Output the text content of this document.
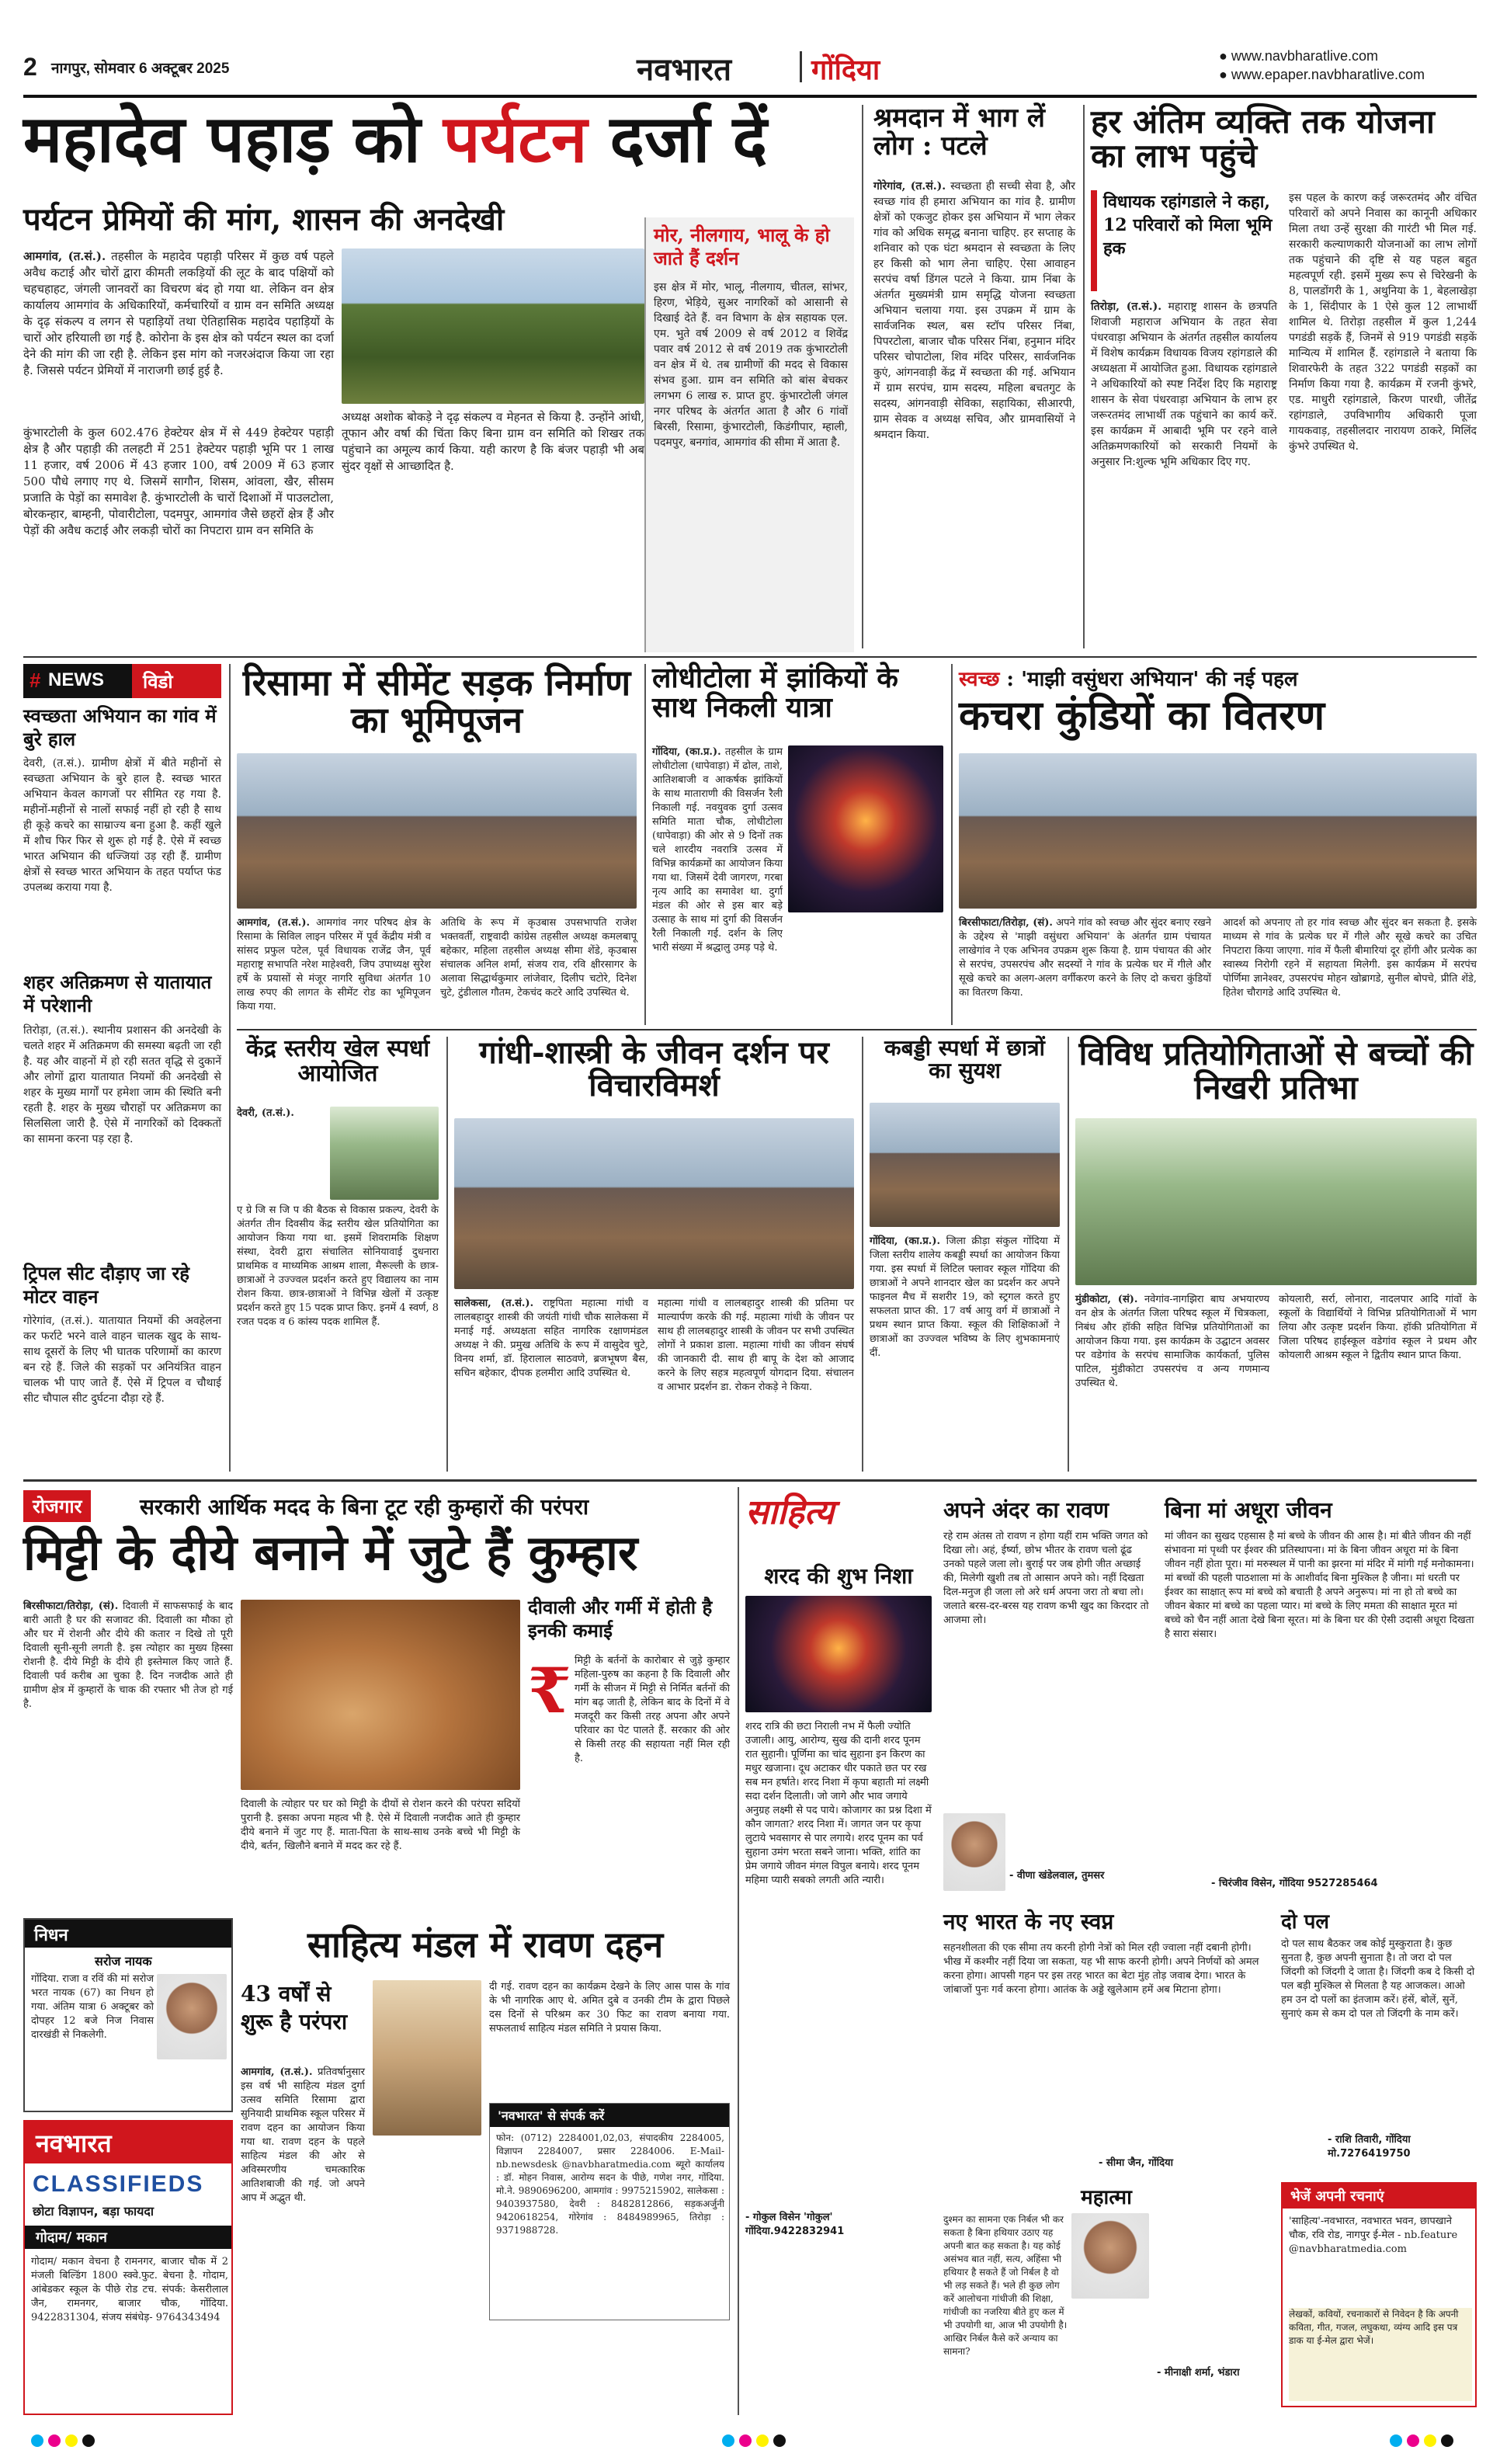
2 नागपुर, सोमवार 6 अक्टूबर 2025	नवभारत	गोंदिया	● www.navbharatlive.com
● www.epaper.navbharatlive.com
महादेव पहाड़ को पर्यटन दर्जा दें
पर्यटन प्रेमियों की मांग, शासन की अनदेखी
आमगांव, (त.सं.). तहसील के महादेव पहाड़ी परिसर में कुछ वर्ष पहले अवैध कटाई और चोरों द्वारा कीमती लकड़ियों की लूट के बाद पक्षियों को चहचहाहट, जंगली जानवरों का विचरण बंद हो गया था. लेकिन वन क्षेत्र कार्यालय आमगांव के अधिकारियों, कर्मचारियों व ग्राम वन समिति अध्यक्ष के दृढ़ संकल्प व लगन से पहाड़ियों तथा ऐतिहासिक महादेव पहाड़ियों के चारों ओर हरियाली छा गई है. कोरोना के इस क्षेत्र को पर्यटन स्थल का दर्जा देने की मांग की जा रही है. लेकिन इस मांग को नजरअंदाज किया जा रहा है. जिससे पर्यटन प्रेमियों में नाराजगी छाई हुई है.
कुंभारटोली के कुल 602.476 हेक्टेयर क्षेत्र में से 449 हेक्टेयर पहाड़ी क्षेत्र है और पहाड़ी की तलहटी में 251 हेक्टेयर पहाड़ी भूमि पर 1 लाख 11 हजार, वर्ष 2006 में 43 हजार 100, वर्ष 2009 में 63 हजार 500 पौधे लगाए गए थे. जिसमें सागौन, शिसम, आंवला, खैर, सीसम प्रजाति के पेड़ों का समावेश है. कुंभारटोली के चारों दिशाओं में पाउलटोला, बोरकन्हार, बाम्हनी, पोवारीटोला, पदमपुर, आमगांव जैसे छहरों क्षेत्र हैं और पेड़ों की अवैध कटाई और लकड़ी चोरों का निपटारा ग्राम वन समिति के
अध्यक्ष अशोक बोकड़े ने दृढ़ संकल्प व मेहनत से किया है. उन्होंने आंधी, तूफान और वर्षा की चिंता किए बिना ग्राम वन समिति को शिखर तक पहुंचाने का अमूल्य कार्य किया. यही कारण है कि बंजर पहाड़ी भी अब सुंदर वृक्षों से आच्छादित है.
मोर, नीलगाय, भालू के हो जाते हैं दर्शन
इस क्षेत्र में मोर, भालू, नीलगाय, चीतल, सांभर, हिरण, भेड़िये, सुअर नागरिकों को आसानी से दिखाई देते हैं. वन विभाग के क्षेत्र सहायक एल. एम. भुते वर्ष 2009 से वर्ष 2012 व शिवेंद्र पवार वर्ष 2012 से वर्ष 2019 तक कुंभारटोली वन क्षेत्र में थे. तब ग्रामीणों की मदद से विकास संभव हुआ. ग्राम वन समिति को बांस बेचकर लगभग 6 लाख रु. प्राप्त हुए. कुंभारटोली जंगल नगर परिषद के अंतर्गत आता है और 6 गांवों बिरसी, रिसामा, कुंभारटोली, किडंगीपार, म्हाली, पदमपुर, बनगांव, आमगांव की सीमा में आता है.
श्रमदान में भाग लें लोग : पटले
गोरेगांव, (त.सं.). स्वच्छता ही सच्ची सेवा है, और स्वच्छ गांव ही हमारा अभियान का गांव है. ग्रामीण क्षेत्रों को एकजुट होकर इस अभियान में भाग लेकर गांव को अधिक समृद्ध बनाना चाहिए. हर सप्ताह के शनिवार को एक घंटा श्रमदान से स्वच्छता के लिए हर किसी को भाग लेना चाहिए. ऐसा आवाहन सरपंच वर्षा डिंगल पटले ने किया. ग्राम निंबा के अंतर्गत मुख्यमंत्री ग्राम समृद्धि योजना स्वच्छता अभियान चलाया गया. इस उपक्रम में ग्राम के सार्वजनिक स्थल, बस स्टॉप परिसर निंबा, पिपरटोला, बाजार चौक परिसर निंबा, हनुमान मंदिर परिसर चोपाटोला, शिव मंदिर परिसर, सार्वजनिक कुएं, आंगनवाड़ी केंद्र में स्वच्छता की गई. अभियान में ग्राम सरपंच, ग्राम सदस्य, महिला बचतगुट के सदस्य, आंगनवाड़ी सेविका, सहायिका, सीआरपी, ग्राम सेवक व अध्यक्ष सचिव, और ग्रामवासियों ने श्रमदान किया.
हर अंतिम व्यक्ति तक योजना का लाभ पहुंचे
विधायक रहांगडाले ने कहा, 12 परिवारों को मिला भूमि हक
तिरोड़ा, (त.सं.). महाराष्ट्र शासन के छत्रपति शिवाजी महाराज अभियान के तहत सेवा पंधरवाड़ा अभियान के अंतर्गत तहसील कार्यालय में विशेष कार्यक्रम विधायक विजय रहांगडाले की अध्यक्षता में आयोजित हुआ. विधायक रहांगडाले ने अधिकारियों को स्पष्ट निर्देश दिए कि महाराष्ट्र शासन के सेवा पंधरवाड़ा अभियान के लाभ हर जरूरतमंद लाभार्थी तक पहुंचाने का कार्य करें. इस कार्यक्रम में आबादी भूमि पर रहने वाले अतिक्रमणकारियों को सरकारी नियमों के अनुसार नि:शुल्क भूमि अधिकार दिए गए.
इस पहल के कारण कई जरूरतमंद और वंचित परिवारों को अपने निवास का कानूनी अधिकार मिला तथा उन्हें सुरक्षा की गारंटी भी मिल गई. सरकारी कल्याणकारी योजनाओं का लाभ लोगों तक पहुंचाने की दृष्टि से यह पहल बहुत महत्वपूर्ण रही. इसमें मुख्य रूप से चिरेखनी के 8, पालडोंगरी के 1, अथुनिया के 1, बेहलाखेड़ा के 1, सिंदीपार के 1 ऐसे कुल 12 लाभार्थी शामिल थे. तिरोड़ा तहसील में कुल 1,244 पगडंडी सड़कें हैं, जिनमें से 919 पगडंडी सड़कें मान्यित्य में शामिल हैं. रहांगडाले ने बताया कि शिवारफेरी के तहत 322 पगडंडी सड़कों का निर्माण किया गया है. कार्यक्रम में रजनी कुंभरे, एड. माधुरी रहांगडाले, किरण पारधी, जीतेंद्र रहांगडाले, उपविभागीय अधिकारी पूजा गायकवाड़, तहसीलदार नारायण ठाकरे, मिलिंद कुंभरे उपस्थित थे.
# NEWS	विडो
स्वच्छता अभियान का गांव में बुरे हाल
देवरी, (त.सं.). ग्रामीण क्षेत्रों में बीते महीनों से स्वच्छता अभियान के बुरे हाल है. स्वच्छ भारत अभियान केवल कागजों पर सीमित रह गया है. महीनों-महीनों से नालों सफाई नहीं हो रही है साथ ही कूड़े कचरे का साम्राज्य बना हुआ है. कहीं खुले में शौच फिर फिर से शुरू हो गई है. ऐसे में स्वच्छ भारत अभियान की धज्जियां उड़ रही हैं. ग्रामीण क्षेत्रों से स्वच्छ भारत अभियान के तहत पर्याप्त फंड उपलब्ध कराया गया है.
शहर अतिक्रमण से यातायात में परेशानी
तिरोड़ा, (त.सं.). स्थानीय प्रशासन की अनदेखी के चलते शहर में अतिक्रमण की समस्या बढ़ती जा रही है. यह और वाहनों में हो रही सतत वृद्धि से दुकानें और लोगों द्वारा यातायात नियमों की अनदेखी से शहर के मुख्य मार्गों पर हमेशा जाम की स्थिति बनी रहती है. शहर के मुख्य चौराहों पर अतिक्रमण का सिलसिला जारी है. ऐसे में नागरिकों को दिक्कतों का सामना करना पड़ रहा है.
ट्रिपल सीट दौड़ाए जा रहे मोटर वाहन
गोरेगांव, (त.सं.). यातायात नियमों की अवहेलना कर फर्राटे भरने वाले वाहन चालक खुद के साथ-साथ दूसरों के लिए भी घातक परिणामों का कारण बन रहे हैं. जिले की सड़कों पर अनियंत्रित वाहन चालक भी पाए जाते हैं. ऐसे में ट्रिपल व चौथाई सीट चौपाल सीट दुर्घटना दौड़ा रहे हैं.
रिसामा में सीमेंट सड़क निर्माण का भूमिपूजन
आमगांव, (त.सं.). आमगांव नगर परिषद क्षेत्र के रिसामा के सिविल लाइन परिसर में पूर्व केंद्रीय मंत्री व सांसद प्रफुल पटेल, पूर्व विधायक राजेंद्र जैन, पूर्व महाराष्ट्र सभापति नरेश माहेश्वरी, जिप उपाध्यक्ष सुरेश हर्षे के प्रयासों से मंजूर नागरि सुविधा अंतर्गत 10 लाख रुपए की लागत के सीमेंट रोड का भूमिपूजन किया गया.
अतिथि के रूप में कृउबास उपसभापति राजेश भक्तवर्ती, राष्ट्रवादी कांग्रेस तहसील अध्यक्ष कमलबापू बहेकार, महिला तहसील अध्यक्ष सीमा शेंडे, कृउबास संचालक अनिल शर्मा, संजय राव, रवि क्षीरसागर के अलावा सिद्धार्थकुमार लांजेवार, दिलीप चटोरे, दिनेश चुटे, टुंडीलाल गौतम, टेकचंद कटरे आदि उपस्थित थे.
लोधीटोला में झांकियों के साथ निकली यात्रा
गोंदिया, (का.प्र.). तहसील के ग्राम लोधीटोला (धापेवाड़ा) में ढोल, ताशे, आतिशबाजी व आकर्षक झांकियों के साथ माताराणी की विसर्जन रैली निकाली गई. नवयुवक दुर्गा उत्सव समिति माता चौक, लोधीटोला (धापेवाड़ा) की ओर से 9 दिनों तक चले शारदीय नवरात्रि उत्सव में विभिन्न कार्यक्रमों का आयोजन किया गया था. जिसमें देवी जागरण, गरबा नृत्य आदि का समावेश था. दुर्गा मंडल की ओर से इस बार बड़े उत्साह के साथ मां दुर्गा की विसर्जन रैली निकाली गई. दर्शन के लिए भारी संख्या में श्रद्धालु उमड़ पड़े थे.
स्वच्छ : 'माझी वसुंधरा अभियान' की नई पहल
कचरा कुंडियों का वितरण
बिरसीफाटा/तिरोड़ा, (सं). अपने गांव को स्वच्छ और सुंदर बनाए रखने के उद्देश्य से 'माझी वसुंधरा अभियान' के अंतर्गत ग्राम पंचायत लाखेगांव ने एक अभिनव उपक्रम शुरू किया है. ग्राम पंचायत की ओर से सरपंच, उपसरपंच और सदस्यों ने गांव के प्रत्येक घर में गीले और सूखे कचरे का अलग-अलग वर्गीकरण करने के लिए दो कचरा कुंडियों का वितरण किया.
आदर्श को अपनाए तो हर गांव स्वच्छ और सुंदर बन सकता है. इसके माध्यम से गांव के प्रत्येक घर में गीले और सूखे कचरे का उचित निपटारा किया जाएगा. गांव में फैली बीमारियां दूर होंगी और प्रत्येक का स्वास्थ्य निरोगी रहने में सहायता मिलेगी. इस कार्यक्रम में सरपंच पोर्णिमा ज्ञानेश्वर, उपसरपंच मोहन खोब्रागडे, सुनील बोपचे, प्रीति शेंडे, हितेश चौरागडे आदि उपस्थित थे.
केंद्र स्तरीय खेल स्पर्धा आयोजित
देवरी, (त.सं.).
ए ग्रे जि स जि प की बैठक से विकास प्रकल्प, देवरी के अंतर्गत तीन दिवसीय केंद्र स्तरीय खेल प्रतियोगिता का आयोजन किया गया था. इसमें शिवरामकि शिक्षण संस्था, देवरी द्वारा संचालित सोनियावाई दुधनारा प्राथमिक व माध्यमिक आश्रम शाला, मैरूल्ली के छात्र-छात्राओं ने उज्ज्वल प्रदर्शन करते हुए विद्यालय का नाम रोशन किया. छात्र-छात्राओं ने विभिन्न खेलों में उत्कृष्ट प्रदर्शन करते हुए 15 पदक प्राप्त किए. इनमें 4 स्वर्ण, 8 रजत पदक व 6 कांस्य पदक शामिल हैं.
गांधी-शास्त्री के जीवन दर्शन पर विचारविमर्श
सालेकसा, (त.सं.). राष्ट्रपिता महात्मा गांधी व लालबहादुर शास्त्री की जयंती गांधी चौक सालेकसा में मनाई गई. अध्यक्षता सहित नागरिक रक्षाणमंडल अध्यक्ष ने की. प्रमुख अतिथि के रूप में वासुदेव चुटे, विनय शर्मा, डॉ. हिरालाल साठवणे, ब्रजभूषण बैस, सचिन बहेकार, दीपक हलमीरा आदि उपस्थित थे.
महात्मा गांधी व लालबहादुर शास्त्री की प्रतिमा पर माल्यार्पण करके की गई. महात्मा गांधी के जीवन पर साथ ही लालबहादुर शास्त्री के जीवन पर सभी उपस्थित लोगों ने प्रकाश डाला. महात्मा गांधी का जीवन संघर्ष की जानकारी दी. साथ ही बापू के देश को आजाद करने के लिए सहत्र महत्वपूर्ण योगदान दिया. संचालन व आभार प्रदर्शन डा. रोकन रोकड़े ने किया.
कबड्डी स्पर्धा में छात्रों का सुयश
गोंदिया, (का.प्र.). जिला क्रीड़ा संकुल गोंदिया में जिला स्तरीय शालेय कबड्डी स्पर्धा का आयोजन किया गया. इस स्पर्धा में लिटिल फ्लावर स्कूल गोंदिया की छात्राओं ने अपने शानदार खेल का प्रदर्शन कर अपने फाइनल मैच में सशरीर 19, को स्ट्रगल करते हुए सफलता प्राप्त की. 17 वर्ष आयु वर्ग में छात्राओं ने प्रथम स्थान प्राप्त किया. स्कूल की शिक्षिकाओं ने छात्राओं का उज्ज्वल भविष्य के लिए शुभकामनाएं दीं.
विविध प्रतियोगिताओं से बच्चों की निखरी प्रतिभा
मुंडीकोटा, (सं). नवेगांव-नागझिरा बाघ अभयारण्य वन क्षेत्र के अंतर्गत जिला परिषद स्कूल में चित्रकला, निबंध और हॉकी सहित विभिन्न प्रतियोगिताओं का आयोजन किया गया. इस कार्यक्रम के उद्घाटन अवसर पर वडेगांव के सरपंच सामाजिक कार्यकर्ता, पुलिस पाटिल, मुंडीकोटा उपसरपंच व अन्य गणमान्य उपस्थित थे.
कोयलारी, सर्रा, लोनारा, नादलपार आदि गांवों के स्कूलों के विद्यार्थियों ने विभिन्न प्रतियोगिताओं में भाग लिया और उत्कृष्ट प्रदर्शन किया. हॉकी प्रतियोगिता में जिला परिषद हाईस्कूल वडेगांव स्कूल ने प्रथम और कोयलारी आश्रम स्कूल ने द्वितीय स्थान प्राप्त किया.
रोजगार	सरकारी आर्थिक मदद के बिना टूट रही कुम्हारों की परंपरा
मिट्टी के दीये बनाने में जुटे हैं कुम्हार
बिरसीफाटा/तिरोड़ा, (सं). दिवाली में साफसफाई के बाद बारी आती है घर की सजावट की. दिवाली का मौका हो और घर में रोशनी और दीये की कतार न दिखे तो पूरी दिवाली सूनी-सूनी लगती है. इस त्योहार का मुख्य हिस्सा रोशनी है. दीये मिट्टी के दीये ही इस्तेमाल किए जाते हैं. दिवाली पर्व करीब आ चुका है. दिन नजदीक आते ही ग्रामीण क्षेत्र में कुम्हारों के चाक की रफ्तार भी तेज हो गई है.
दीवाली और गर्मी में होती है इनकी कमाई
₹ मिट्टी के बर्तनों के कारोबार से जुड़े कुम्हार महिला-पुरुष का कहना है कि दिवाली और गर्मी के सीजन में मिट्टी से निर्मित बर्तनों की मांग बढ़ जाती है, लेकिन बाद के दिनों में वे मजदूरी कर किसी तरह अपना और अपने परिवार का पेट पालते हैं. सरकार की ओर से किसी तरह की सहायता नहीं मिल रही है.
दिवाली के त्योहार पर घर को मिट्टी के दीयों से रोशन करने की परंपरा सदियों पुरानी है. इसका अपना महत्व भी है. ऐसे में दिवाली नजदीक आते ही कुम्हार दीये बनाने में जुट गए हैं. माता-पिता के साथ-साथ उनके बच्चे भी मिट्टी के दीये, बर्तन, खिलौने बनाने में मदद कर रहे हैं.
निधन
सरोज नायक
गोंदिया. राजा व रविं की मां सरोज भरत नायक (67) का निधन हो गया. अंतिम यात्रा 6 अक्टूबर को दोपहर 12 बजे निज निवास दारखंडी से निकलेगी.
नवभारत
CLASSIFIEDS
छोटा विज्ञापन, बड़ा फायदा
गोदाम/ मकान
गोदाम/ मकान वेचना है रामनगर, बाजार चौक में 2 मंजली बिल्डिंग 1800 स्क्वे.फुट. बेचना है. गोदाम, आंबेडकर स्कूल के पीछे रोड टच. संपर्क: केसरीलाल जैन, रामनगर, बाजार चौक, गोंदिया. 9422831304, संजय संबंधेड़- 9764343494
साहित्य मंडल में रावण दहन
43 वर्षों से शुरू है परंपरा
आमगांव, (त.सं.). प्रतिवर्षानुसार इस वर्ष भी साहित्य मंडल दुर्गा उत्सव समिति रिसामा द्वारा सुनियादी प्राथमिक स्कूल परिसर में रावण दहन का आयोजन किया गया था. रावण दहन के पहले साहित्य मंडल की ओर से अविस्मरणीय चमत्कारिक आतिशबाजी की गई. जो अपने आप में अद्भुत थी.
दी गई. रावण दहन का कार्यक्रम देखने के लिए आस पास के गांव के भी नागरिक आए थे. अमित दुबे व उनकी टीम के द्वारा पिछले दस दिनों से परिश्रम कर 30 फिट का रावण बनाया गया. सफलतार्थ साहित्य मंडल समिति ने प्रयास किया.
'नवभारत' से संपर्क करें
फोन: (0712) 2284001,02,03, संपादकीय 2284005, विज्ञापन 2284007, प्रसार 2284006. E-Mail-nb.newsdesk @navbharatmedia.com ब्यूरो कार्यालय : डॉ. मोहन निवास, आरोग्य सदन के पीछे, गणेश नगर, गोंदिया. मो.ने. 9890696200, आमगांव : 9975215902, सालेकसा : 9403937580, देवरी : 8482812866, सड़कअर्जुनी 9420618254, गोरेगांव : 8484989965, तिरोड़ा : 9371988728.
साहित्य
शरद की शुभ निशा
शरद रात्रि की छटा निराली नभ में फैली ज्योति उजाली। आयु, आरोग्य, सुख की दानी शरद पूनम रात सुहानी। पूर्णिमा का चांद सुहाना इन किरण का मधुर खजाना। दूध अटाकर धीर पकाते छत पर रख सब मन हर्षाते। शरद निशा में कृपा बहाती मां लक्ष्मी सदा दर्शन दिलाती। जो जागे और भाव जगाये अनुग्रह लक्ष्मी से पद पाये। कोजागर का प्रश्न दिशा में कौन जागता? शरद निशा में। जागत जन पर कृपा लुटाये भवसागर से पार लगाये। शरद पूनम का पर्व सुहाना उमंग भरता सबने जाना। भक्ति, शांति का प्रेम जगाये जीवन मंगल विपुल बनाये। शरद पूनम महिमा प्यारी सबको लगती अति न्यारी।
- गोकुल विसेन 'गोकुल' गोंदिया.9422832941
अपने अंदर का रावण
रहे राम अंतस तो रावण न होगा यहीं राम भक्ति जगत को दिखा लो। अहं, ईर्ष्या, छोभ भीतर के रावण चलो ढूंढ उनको पहले जला लो। बुराई पर जब होगी जीत अच्छाई की, मिलेगी खुशी तब तो आसान अपने को। नहीं दिखता दिल-मनुज ही जला लो अरे धर्म अपना जरा तो बचा लो। जलाते बरस-दर-बरस यह रावण कभी खुद का किरदार तो आजमा लो।
- वीणा खंडेलवाल, तुमसर
बिना मां अधूरा जीवन
मां जीवन का सुखद एहसास है मां बच्चे के जीवन की आस है। मां बीते जीवन की नहीं संभावना मां पृथ्वी पर ईश्वर की प्रतिस्थापना। मां के बिना जीवन अधूरा मां के बिना जीवन नहीं होता पूरा। मां मरुस्थल में पानी का झरना मां मंदिर में मांगी गई मनोकामना। मां बच्चों की पहली पाठशाला मां के आशीर्वाद बिना मुश्किल है जीना। मां धरती पर ईश्वर का साक्षात् रूप मां बच्चे को बचाती है अपने अनुरूप। मां ना हो तो बच्चे का जीवन बेकार मां बच्चे का पहला प्यार। मां बच्चे के लिए ममता की साक्षात मूरत मां बच्चे को चैन नहीं आता देखे बिना सूरत। मां के बिना घर की ऐसी उदासी अधूरा दिखता है सारा संसार।
- चिरंजीव विसेन, गोंदिया 9527285464
नए भारत के नए स्वप्न
सहनशीलता की एक सीमा तय करनी होगी नेत्रों को मिल रही ज्वाला नहीं दबानी होगी। भीख में कश्मीर नहीं दिया जा सकता, यह भी साफ करनी होगी। अपने निर्णयों को अमल करना होगा। आपसी गहन पर इस तरह भारत का बेटा मुंह तोड़ जवाब देगा। भारत के जांबाजों पुनः गर्व करना होगा। आतंक के अड्डे खुलेआम हमें अब मिटाना होगा।
- सीमा जैन, गोंदिया
दो पल
दो पल साथ बैठकर जब कोई मुस्कुराता है। कुछ सुनता है, कुछ अपनी सुनाता है। तो जरा दो पल जिंदगी को जिंदगी दे जाता है। जिंदगी कब दे किसी दो पल बड़ी मुश्किल से मिलता है यह आजकल। आओ हम उन दो पलों का इंतजाम करें। हंसें, बोलें, सुनें, सुनाएं कम से कम दो पल तो जिंदगी के नाम करें।
- राशि तिवारी, गोंदिया मो.7276419750
महात्मा
दुश्मन का सामना एक निर्बल भी कर सकता है बिना हथियार उठाए यह अपनी बात कह सकता है। यह कोई असंभव बात नहीं, सत्य, अहिंसा भी हथियार है सकते हैं जो निर्बल है वो भी लड़ सकते हैं। भले ही कुछ लोग करें आलोचना गांधीजी की शिक्षा, गांधीजी का नजरिया बीते हुए कल में भी उपयोगी था, आज भी उपयोगी है। आखिर निर्बल कैसे करें अन्याय का सामना?
- मीनाक्षी शर्मा, भंडारा
भेजें अपनी रचनाएं
'साहित्य'-नवभारत, नवभारत भवन, छापखाने चौक, रवि रोड, नागपुर ई-मेल - nb.feature @navbharatmedia.com
लेखकों, कवियों, रचनाकारों से निवेदन है कि अपनी कविता, गीत, गजल, लघुकथा, व्यंग्य आदि इस पत्र डाक या ई-मेल द्वारा भेजें।
